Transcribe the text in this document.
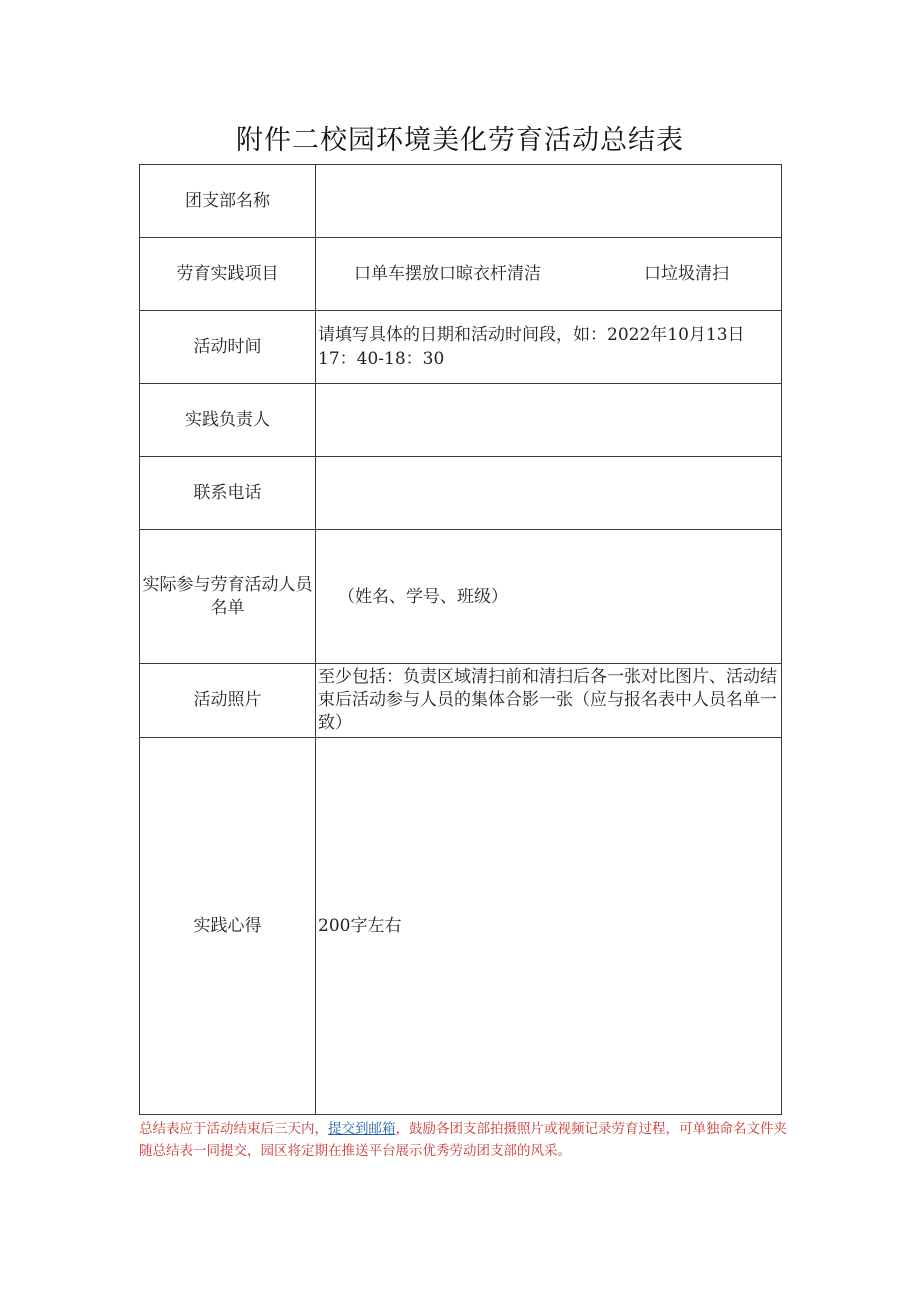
附件二校园环境美化劳育活动总结表
团支部名称	
劳育实践项目	口单车摆放口晾衣杆清洁 口垃圾清扫

活动时间	请填写具体的日期和活动时间段，如：2022年10月13日17：40-18：30
实践负责人	
联系电话	
实际参与劳育活动人员名单	（姓名、学号、班级）

活动照片	至少包括：负责区域清扫前和清扫后各一张对比图片、活动结束后活动参与人员的集体合影一张（应与报名表中人员名单一致）
实践心得	200字左右
总结表应于活动结束后三天内，提交到邮箱，鼓励各团支部拍摄照片或视频记录劳育过程，可单独命名文件夹随总结表一同提交，园区将定期在推送平台展示优秀劳动团支部的风采。
